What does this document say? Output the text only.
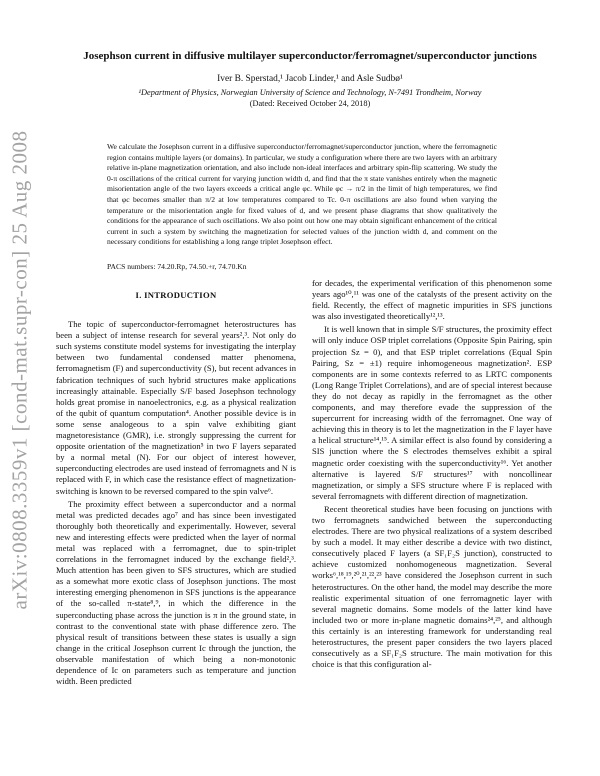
arXiv:0808.3359v1 [cond-mat.supr-con] 25 Aug 2008
Josephson current in diffusive multilayer superconductor/ferromagnet/superconductor junctions
Iver B. Sperstad,¹ Jacob Linder,¹ and Asle Sudbø¹
¹Department of Physics, Norwegian University of Science and Technology, N-7491 Trondheim, Norway
(Dated: Received October 24, 2018)
We calculate the Josephson current in a diffusive superconductor/ferromagnet/superconductor junction, where the ferromagnetic region contains multiple layers (or domains). In particular, we study a configuration where there are two layers with an arbitrary relative in-plane magnetization orientation, and also include non-ideal interfaces and arbitrary spin-flip scattering. We study the 0-π oscillations of the critical current for varying junction width d, and find that the π state vanishes entirely when the magnetic misorientation angle of the two layers exceeds a critical angle φc. While φc → π/2 in the limit of high temperatures, we find that φc becomes smaller than π/2 at low temperatures compared to Tc. 0-π oscillations are also found when varying the temperature or the misorientation angle for fixed values of d, and we present phase diagrams that show qualitatively the conditions for the appearance of such oscillations. We also point out how one may obtain significant enhancement of the critical current in such a system by switching the magnetization for selected values of the junction width d, and comment on the necessary conditions for establishing a long range triplet Josephson effect.
PACS numbers: 74.20.Rp, 74.50.+r, 74.70.Kn

I. INTRODUCTION

The topic of superconductor-ferromagnet heterostructures has been a subject of intense research for several years²,³. Not only do such systems constitute model systems for investigating the interplay between two fundamental condensed matter phenomena, ferromagnetism (F) and superconductivity (S), but recent advances in fabrication techniques of such hybrid structures make applications increasingly attainable. Especially S/F based Josephson technology holds great promise in nanoelectronics, e.g. as a physical realization of the qubit of quantum computation⁴. Another possible device is in some sense analogeous to a spin valve exhibiting giant magnetoresistance (GMR), i.e. strongly suppressing the current for opposite orientation of the magnetization⁵ in two F layers separated by a normal metal (N). For our object of interest however, superconducting electrodes are used instead of ferromagnets and N is replaced with F, in which case the resistance effect of magnetization-switching is known to be reversed compared to the spin valve⁶.

The proximity effect between a superconductor and a normal metal was predicted decades ago⁷ and has since been investigated thoroughly both theoretically and experimentally. However, several new and interesting effects were predicted when the layer of normal metal was replaced with a ferromagnet, due to spin-triplet correlations in the ferromagnet induced by the exchange field²,³. Much attention has been given to SFS structures, which are studied as a somewhat more exotic class of Josephson junctions. The most interesting emerging phenomenon in SFS junctions is the appearance of the so-called π-state⁸,⁹, in which the difference in the superconducting phase across the junction is π in the ground state, in contrast to the conventional state with phase difference zero. The physical result of transitions between these states is usually a sign change in the critical Josephson current Ic through the junction, the observable manifestation of which being a non-monotonic dependence of Ic on parameters such as temperature and junction width. Been predicted

for decades, the experimental verification of this phenomenon some years ago¹⁰,¹¹ was one of the catalysts of the present activity on the field. Recently, the effect of magnetic impurities in SFS junctions was also investigated theoretically¹²,¹³.

It is well known that in simple S/F structures, the proximity effect will only induce OSP triplet correlations (Opposite Spin Pairing, spin projection Sz = 0), and that ESP triplet correlations (Equal Spin Pairing, Sz = ±1) require inhomogeneous magnetization². ESP components are in some contexts referred to as LRTC components (Long Range Triplet Correlations), and are of special interest because they do not decay as rapidly in the ferromagnet as the other components, and may therefore evade the suppression of the supercurrent for increasing width of the ferromagnet. One way of achieving this in theory is to let the magnetization in the F layer have a helical structure¹⁴,¹⁵. A similar effect is also found by considering a SIS junction where the S electrodes themselves exhibit a spiral magnetic order coexisting with the superconductivity¹⁶. Yet another alternative is layered S/F structures¹⁷ with noncollinear magnetization, or simply a SFS structure where F is replaced with several ferromagnets with different direction of magnetization.

Recent theoretical studies have been focusing on junctions with two ferromagnets sandwiched between the superconducting electrodes. There are two physical realizations of a system described by such a model. It may either describe a device with two distinct, consecutively placed F layers (a SF₁F₂S junction), constructed to achieve customized nonhomogeneous magnetization. Several works⁶,¹⁸,¹⁹,²⁰,²¹,²²,²³ have considered the Josephson current in such heterostructures. On the other hand, the model may describe the more realistic experimental situation of one ferromagnetic layer with several magnetic domains. Some models of the latter kind have included two or more in-plane magnetic domains²⁴,²⁵, and although this certainly is an interesting framework for understanding real heterostructures, the present paper considers the two layers placed consecutively as a SF₁F₂S structure. The main motivation for this choice is that this configuration al-
